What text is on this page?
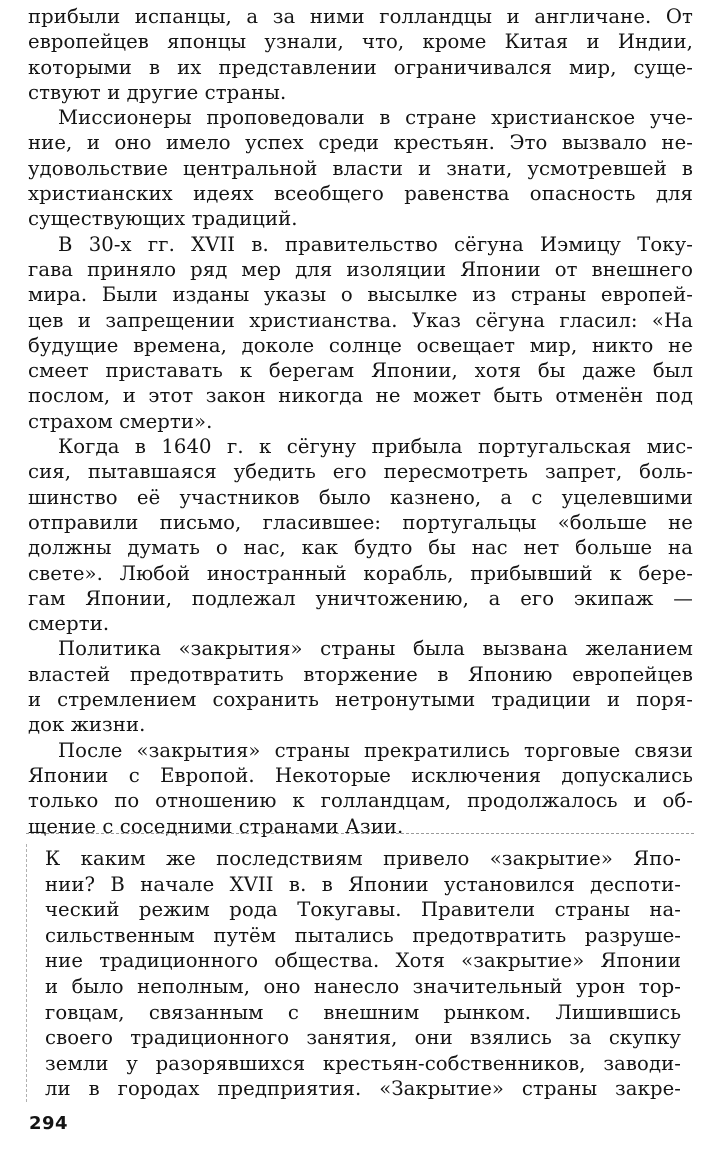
прибыли испанцы, а за ними голландцы и англичане. От
европейцев японцы узнали, что, кроме Китая и Индии,
которыми в их представлении ограничивался мир, суще-
ствуют и другие страны.
Миссионеры проповедовали в стране христианское уче-
ние, и оно имело успех среди крестьян. Это вызвало не-
удовольствие центральной власти и знати, усмотревшей в
христианских идеях всеобщего равенства опасность для
существующих традиций.
В 30-х гг. XVII в. правительство сёгуна Иэмицу Току-
гава приняло ряд мер для изоляции Японии от внешнего
мира. Были изданы указы о высылке из страны европей-
цев и запрещении христианства. Указ сёгуна гласил: «На
будущие времена, доколе солнце освещает мир, никто не
смеет приставать к берегам Японии, хотя бы даже был
послом, и этот закон никогда не может быть отменён под
страхом смерти».
Когда в 1640 г. к сёгуну прибыла португальская мис-
сия, пытавшаяся убедить его пересмотреть запрет, боль-
шинство её участников было казнено, а с уцелевшими
отправили письмо, гласившее: португальцы «больше не
должны думать о нас, как будто бы нас нет больше на
свете». Любой иностранный корабль, прибывший к бере-
гам Японии, подлежал уничтожению, а его экипаж —
смерти.
Политика «закрытия» страны была вызвана желанием
властей предотвратить вторжение в Японию европейцев
и стремлением сохранить нетронутыми традиции и поря-
док жизни.
После «закрытия» страны прекратились торговые связи
Японии с Европой. Некоторые исключения допускались
только по отношению к голландцам, продолжалось и об-
щение с соседними странами Азии.
К каким же последствиям привело «закрытие» Япо-
нии? В начале XVII в. в Японии установился деспоти-
ческий режим рода Токугавы. Правители страны на-
сильственным путём пытались предотвратить разруше-
ние традиционного общества. Хотя «закрытие» Японии
и было неполным, оно нанесло значительный урон тор-
говцам, связанным с внешним рынком. Лишившись
своего традиционного занятия, они взялись за скупку
земли у разорявшихся крестьян-собственников, заводи-
ли в городах предприятия. «Закрытие» страны закре-
294
